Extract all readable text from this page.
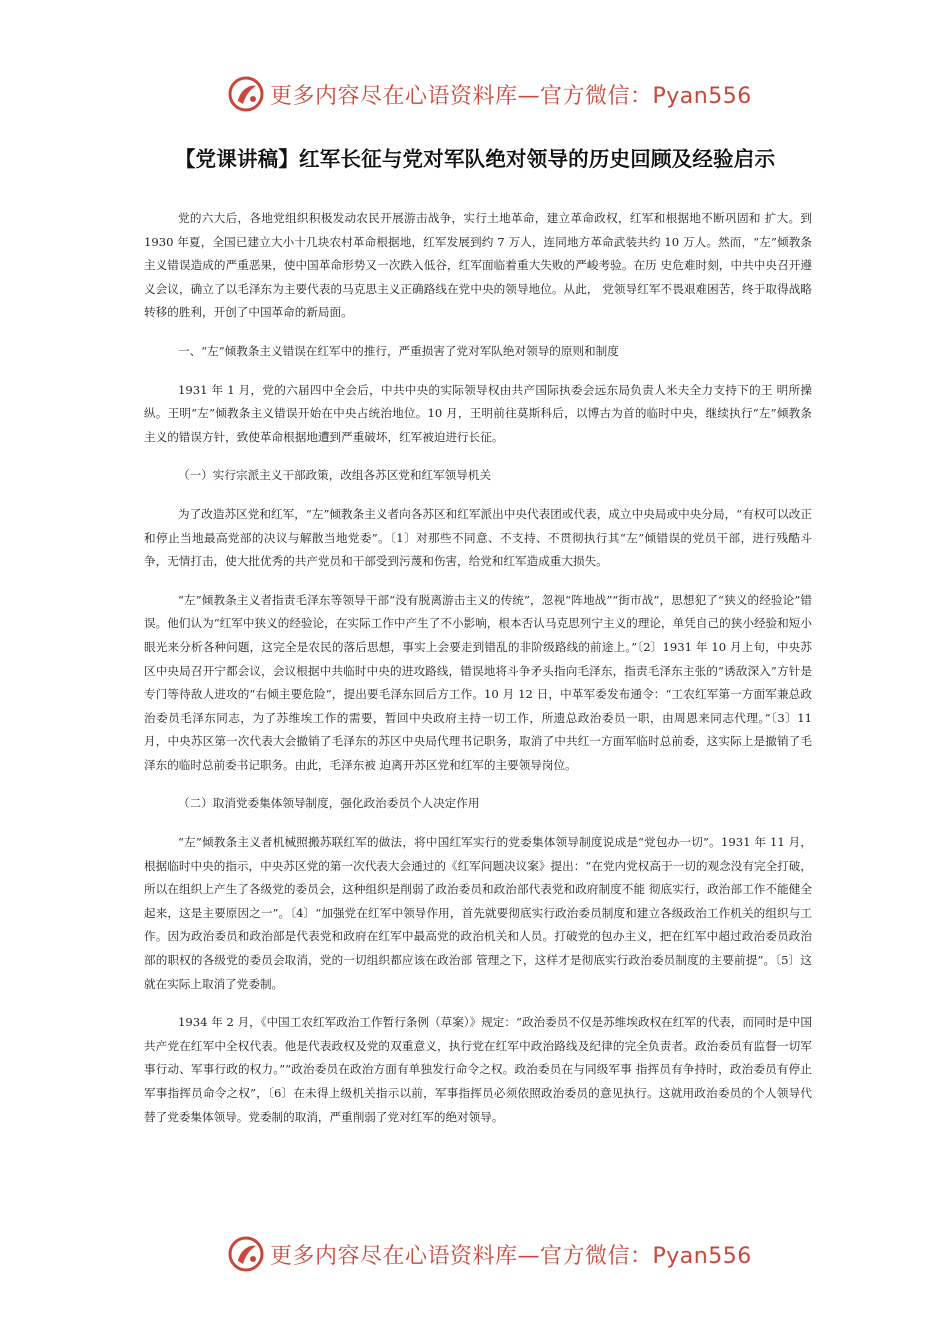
更多内容尽在心语资料库—官方微信：Pyan556
【党课讲稿】红军长征与党对军队绝对领导的历史回顾及经验启示

党的六大后，各地党组织积极发动农民开展游击战争，实行土地革命，建立革命政权，红军和根据地不断巩固和 扩大。到 1930 年夏，全国已建立大小十几块农村革命根据地，红军发展到约 7 万人，连同地方革命武装共约 10 万人。然而，“左”倾教条主义错误造成的严重恶果，使中国革命形势又一次跌入低谷，红军面临着重大失败的严峻考验。在历 史危难时刻，中共中央召开遵义会议，确立了以毛泽东为主要代表的马克思主义正确路线在党中央的领导地位。从此， 党领导红军不畏艰难困苦，终于取得战略转移的胜利，开创了中国革命的新局面。

一、“左”倾教条主义错误在红军中的推行，严重损害了党对军队绝对领导的原则和制度

1931 年 1 月，党的六届四中全会后，中共中央的实际领导权由共产国际执委会远东局负责人米夫全力支持下的王 明所操纵。王明“左”倾教条主义错误开始在中央占统治地位。10 月，王明前往莫斯科后，以博古为首的临时中央，继续执行“左”倾教条主义的错误方针，致使革命根据地遭到严重破坏，红军被迫进行长征。

（一）实行宗派主义干部政策，改组各苏区党和红军领导机关

为了改造苏区党和红军，“左”倾教条主义者向各苏区和红军派出中央代表团或代表，成立中央局或中央分局，“有权可以改正和停止当地最高党部的决议与解散当地党委”。〔1〕对那些不同意、不支持、不贯彻执行其“左”倾错误的党员干部，进行残酷斗争，无情打击，使大批优秀的共产党员和干部受到污蔑和伤害，给党和红军造成重大损失。

“左”倾教条主义者指责毛泽东等领导干部“没有脱离游击主义的传统”，忽视“阵地战”“街市战”，思想犯了“狭义的经验论”错误。他们认为“红军中狭义的经验论，在实际工作中产生了不小影响，根本否认马克思列宁主义的理论，单凭自己的狭小经验和短小眼光来分析各种问题，这完全是农民的落后思想，事实上会要走到错乱的非阶级路线的前途上。”〔2〕1931 年 10 月上旬，中央苏区中央局召开宁都会议，会议根据中共临时中央的进攻路线，错误地将斗争矛头指向毛泽东，指责毛泽东主张的“诱敌深入”方针是专门等待敌人进攻的“右倾主要危险”，提出要毛泽东回后方工作。10 月 12 日，中革军委发布通令：“工农红军第一方面军兼总政治委员毛泽东同志，为了苏维埃工作的需要，暂回中央政府主持一切工作，所遗总政治委员一职，由周恩来同志代理。”〔3〕11 月，中央苏区第一次代表大会撤销了毛泽东的苏区中央局代理书记职务，取消了中共红一方面军临时总前委，这实际上是撤销了毛泽东的临时总前委书记职务。由此，毛泽东被 迫离开苏区党和红军的主要领导岗位。

（二）取消党委集体领导制度，强化政治委员个人决定作用

“左”倾教条主义者机械照搬苏联红军的做法，将中国红军实行的党委集体领导制度说成是“党包办一切”。1931 年 11 月，根据临时中央的指示，中央苏区党的第一次代表大会通过的《红军问题决议案》提出：“在党内党权高于一切的观念没有完全打破，所以在组织上产生了各级党的委员会，这种组织是削弱了政治委员和政治部代表党和政府制度不能 彻底实行，政治部工作不能健全起来，这是主要原因之一”。〔4〕“加强党在红军中领导作用，首先就要彻底实行政治委员制度和建立各级政治工作机关的组织与工作。因为政治委员和政治部是代表党和政府在红军中最高党的政治机关和人员。打破党的包办主义，把在红军中超过政治委员政治部的职权的各级党的委员会取消，党的一切组织都应该在政治部 管理之下，这样才是彻底实行政治委员制度的主要前提”。〔5〕这就在实际上取消了党委制。

1934 年 2 月，《中国工农红军政治工作暂行条例（草案）》规定：“政治委员不仅是苏维埃政权在红军的代表，而同时是中国共产党在红军中全权代表。他是代表政权及党的双重意义，执行党在红军中政治路线及纪律的完全负责者。政治委员有监督一切军事行动、军事行政的权力。”“政治委员在政治方面有单独发行命令之权。政治委员在与同级军事 指挥员有争持时，政治委员有停止军事指挥员命令之权”，〔6〕在未得上级机关指示以前，军事指挥员必须依照政治委员的意见执行。这就用政治委员的个人领导代替了党委集体领导。党委制的取消，严重削弱了党对红军的绝对领导。

更多内容尽在心语资料库—官方微信：Pyan556
